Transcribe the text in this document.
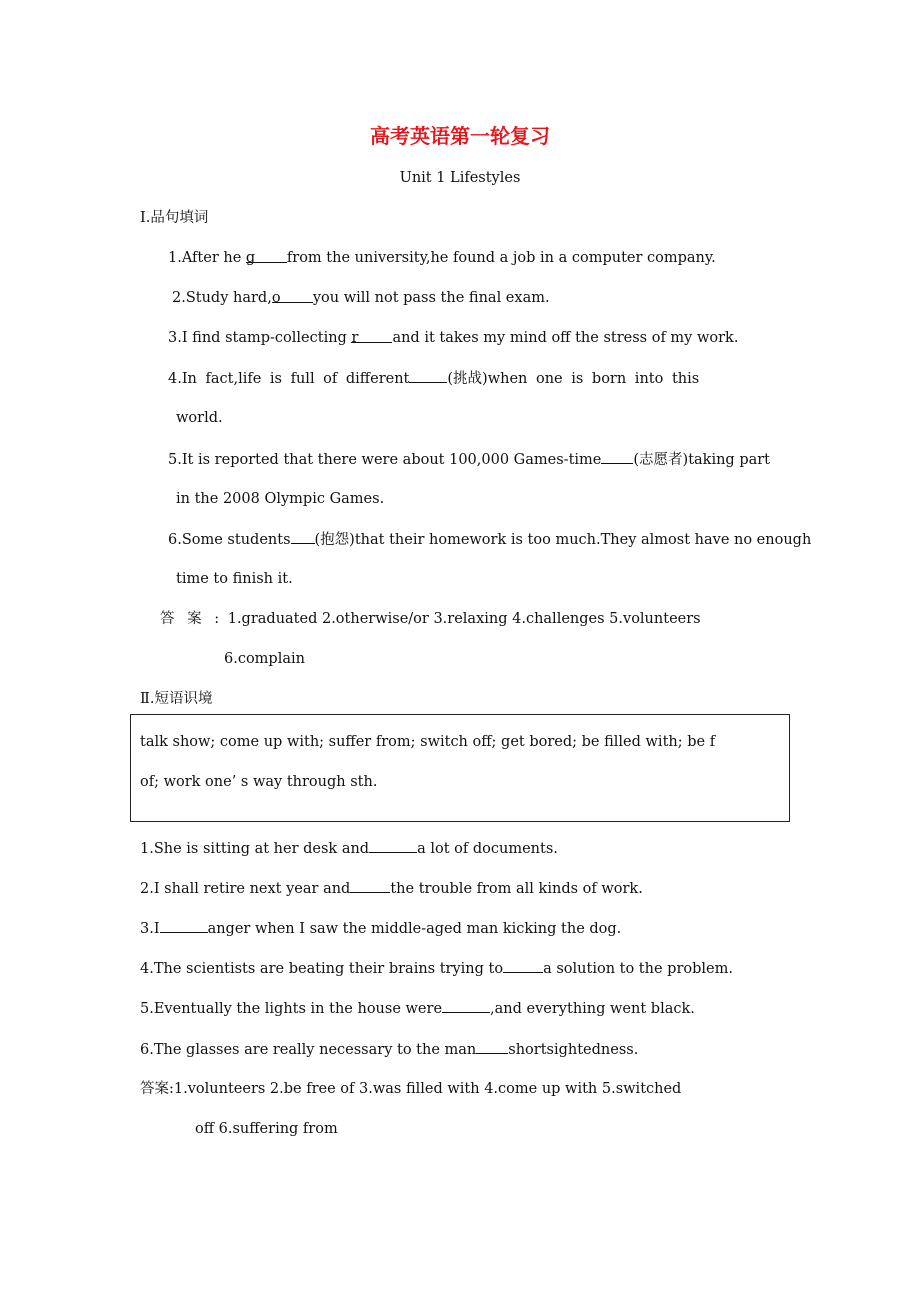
高考英语第一轮复习
Unit 1 Lifestyles
Ⅰ.品句填词
1.After he g from the university,he found a job in a computer company.
2.Study hard,o you will not pass the final exam.
3.I find stamp-collecting r and it takes my mind off the stress of my work.
4.In fact,life is full of different	(挑战)when one is born into this
world.
5.It is reported that there were about 100,000 Games-time (志愿者)taking part
in the 2008 Olympic Games.
6.Some students (抱怨)that their homework is too much.They almost have no enough
time to finish it.
答 案 : 1.graduated 2.otherwise/or 3.relaxing 4.challenges 5.volunteers
6.complain
Ⅱ.短语识境
talk show; come up with; suffer from; switch off; get bored; be filled with; be f
of; work one’ s way through sth.
1.She is sitting at her desk and	a lot of documents.
2.I shall retire next year and	the trouble from all kinds of work.
3.I	anger when I saw the middle-aged man kicking the dog.
4.The scientists are beating their brains trying to	a solution to the problem.
5.Eventually the lights in the house were	,and everything went black.
6.The glasses are really necessary to the man shortsightedness.
答案:1.volunteers 2.be free of 3.was filled with 4.come up with 5.switched
off 6.suffering from
